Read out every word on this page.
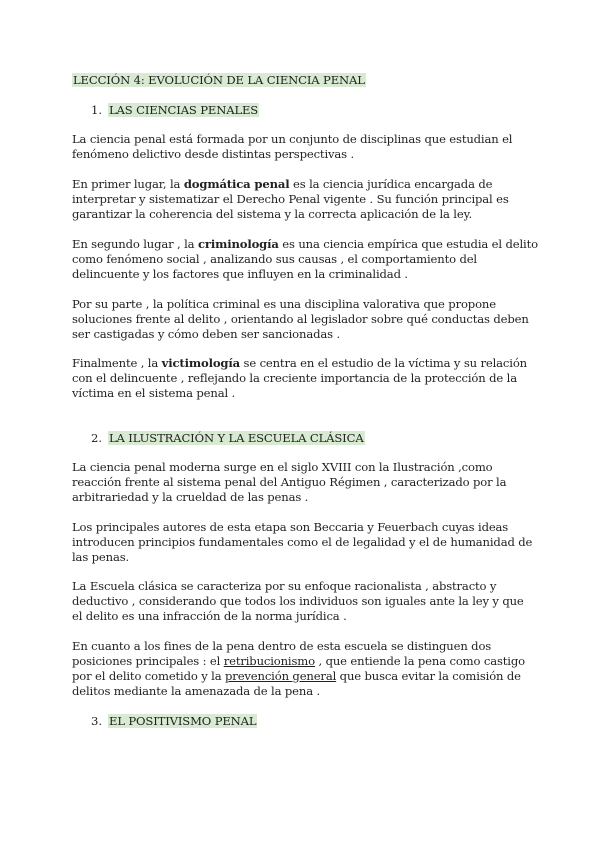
LECCIÓN 4: EVOLUCIÓN DE LA CIENCIA PENAL
1. LAS CIENCIAS PENALES
La ciencia penal está formada por un conjunto de disciplinas que estudian el
fenómeno delictivo desde distintas perspectivas .
En primer lugar, la dogmática penal es la ciencia jurídica encargada de
interpretar y sistematizar el Derecho Penal vigente . Su función principal es
garantizar la coherencia del sistema y la correcta aplicación de la ley.
En segundo lugar , la criminología es una ciencia empírica que estudia el delito
como fenómeno social , analizando sus causas , el comportamiento del
delincuente y los factores que influyen en la criminalidad .
Por su parte , la política criminal es una disciplina valorativa que propone
soluciones frente al delito , orientando al legislador sobre qué conductas deben
ser castigadas y cómo deben ser sancionadas .
Finalmente , la victimología se centra en el estudio de la víctima y su relación
con el delincuente , reflejando la creciente importancia de la protección de la
víctima en el sistema penal .
2. LA ILUSTRACIÓN Y LA ESCUELA CLÁSICA
La ciencia penal moderna surge en el siglo XVIII con la Ilustración ,como
reacción frente al sistema penal del Antiguo Régimen , caracterizado por la
arbitrariedad y la crueldad de las penas .
Los principales autores de esta etapa son Beccaria y Feuerbach cuyas ideas
introducen principios fundamentales como el de legalidad y el de humanidad de
las penas.
La Escuela clásica se caracteriza por su enfoque racionalista , abstracto y
deductivo , considerando que todos los individuos son iguales ante la ley y que
el delito es una infracción de la norma jurídica .
En cuanto a los fines de la pena dentro de esta escuela se distinguen dos
posiciones principales : el retribucionismo , que entiende la pena como castigo
por el delito cometido y la prevención general que busca evitar la comisión de
delitos mediante la amenazada de la pena .
3. EL POSITIVISMO PENAL
